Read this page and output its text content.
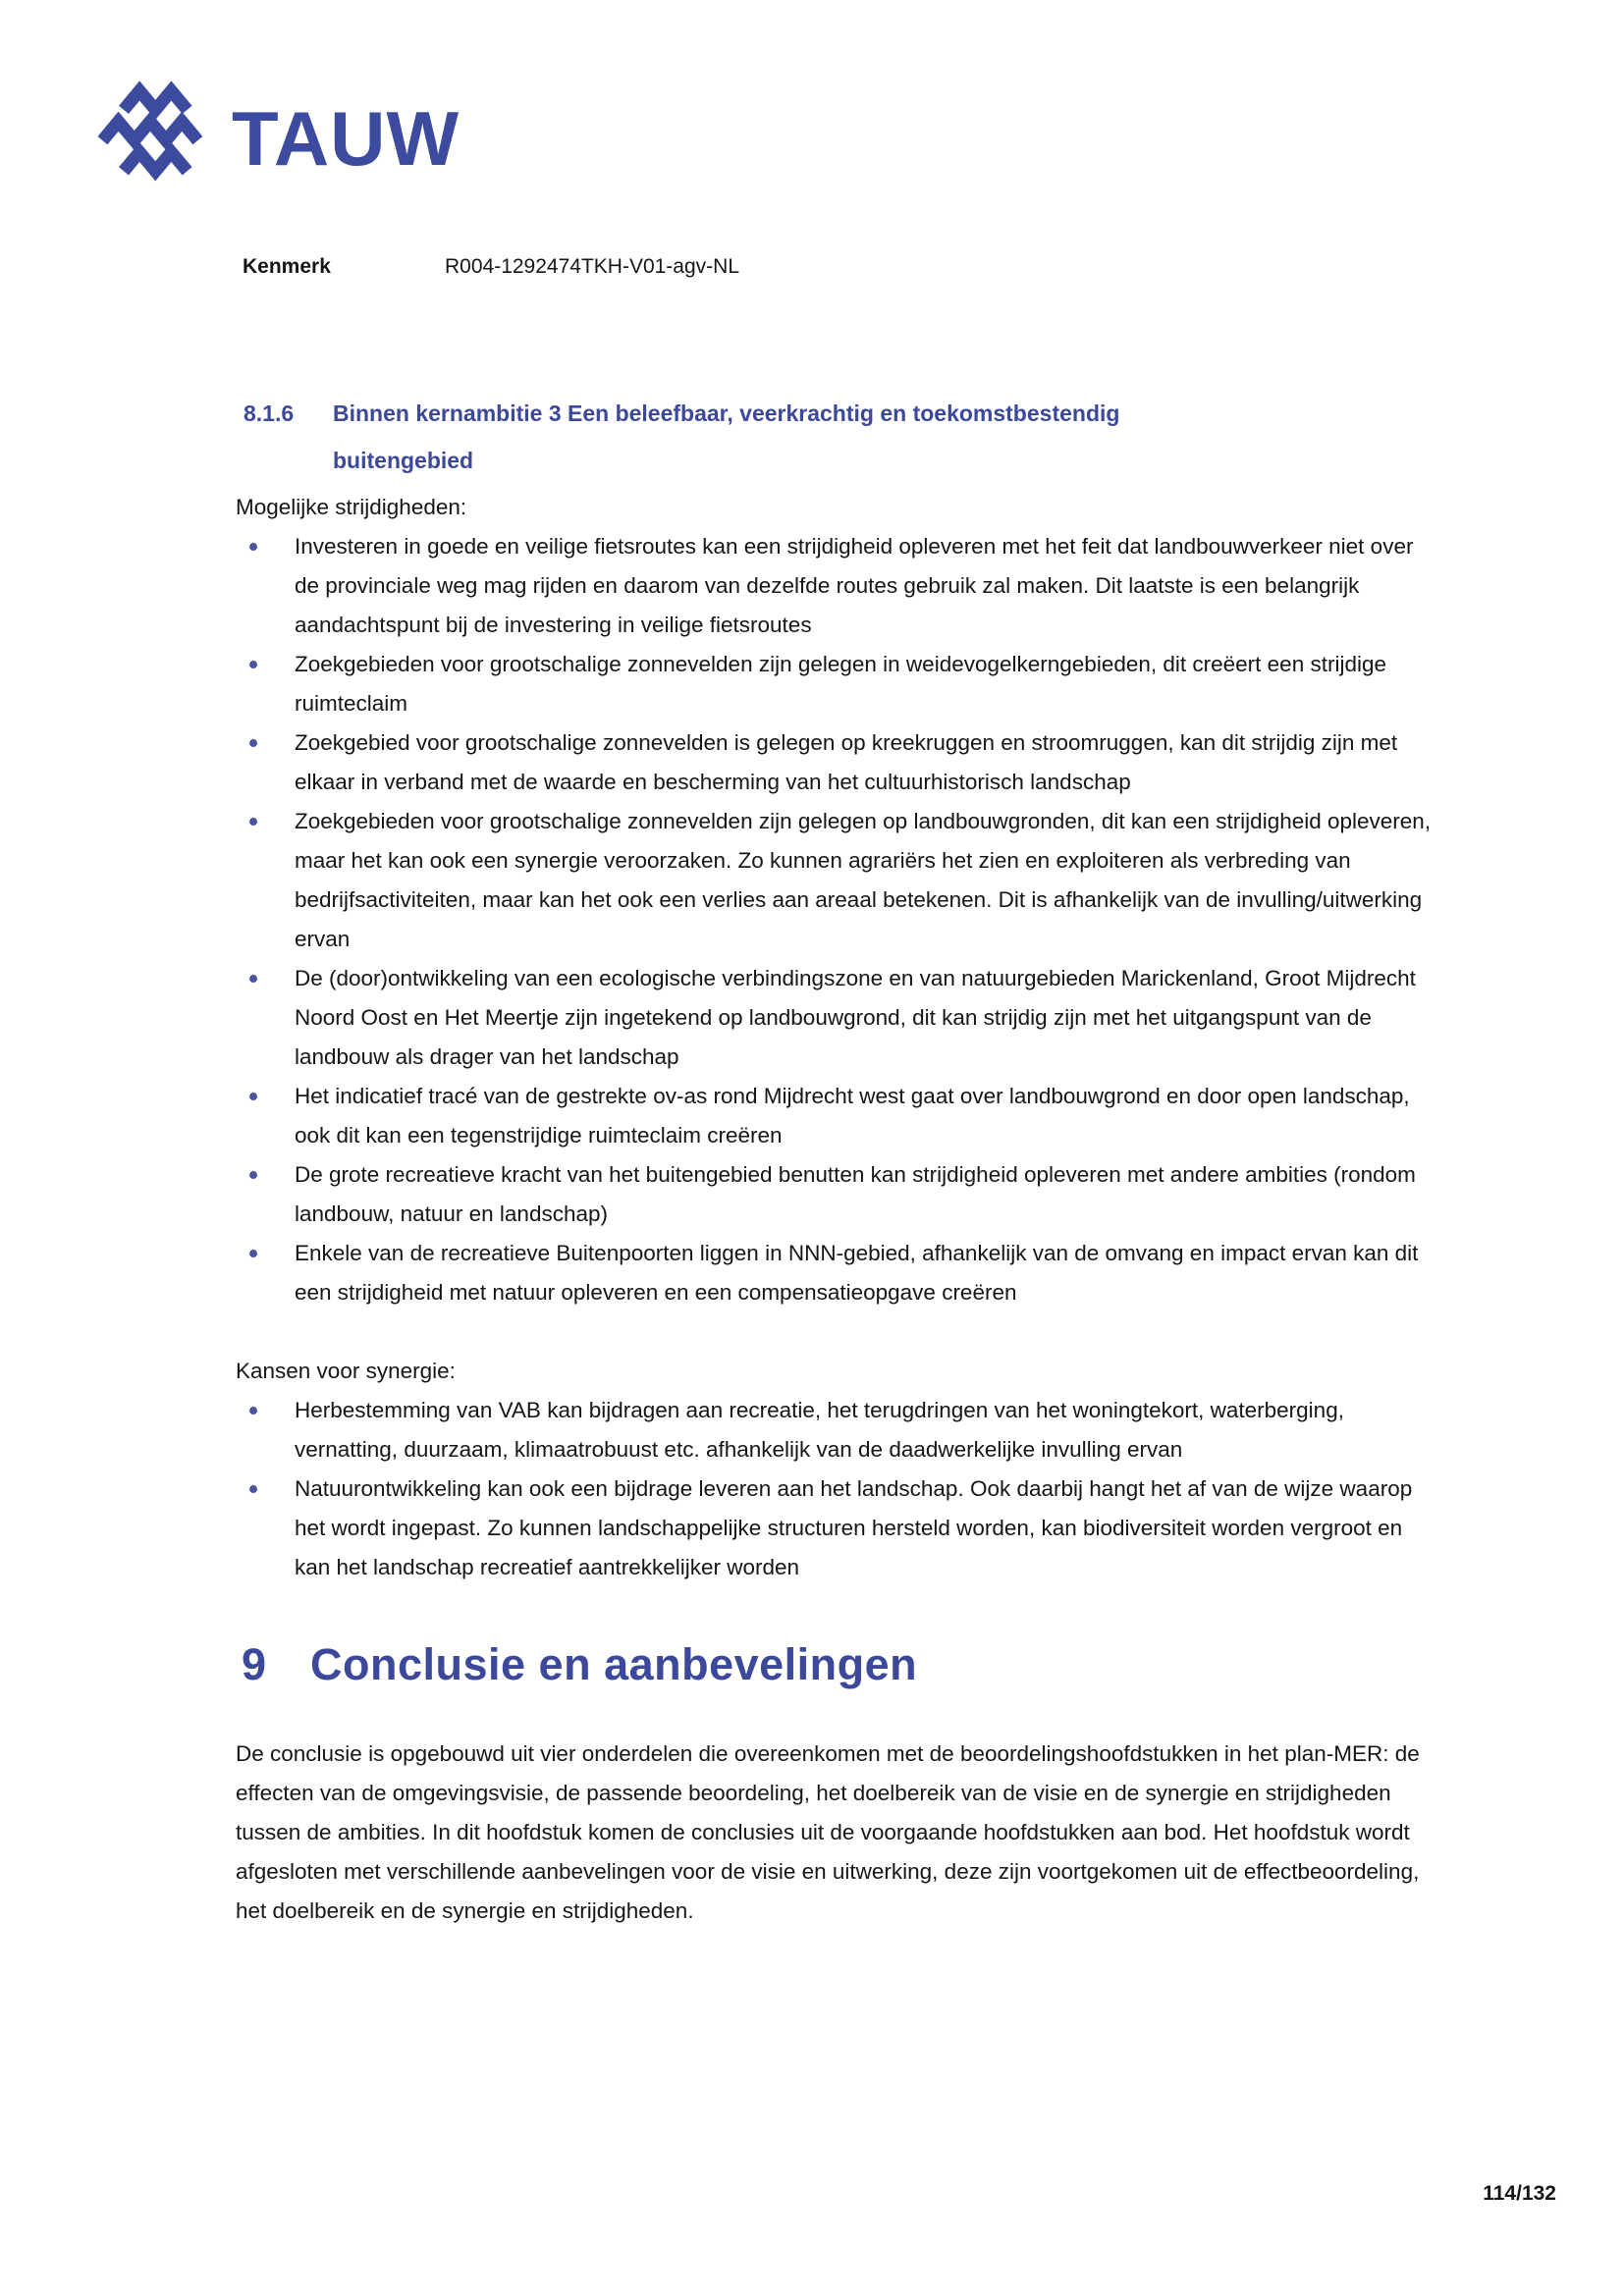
TAUW
Kenmerk	R004-1292474TKH-V01-agv-NL
8.1.6	Binnen kernambitie 3 Een beleefbaar, veerkrachtig en toekomstbestendig buitengebied
Mogelijke strijdigheden:
Investeren in goede en veilige fietsroutes kan een strijdigheid opleveren met het feit dat landbouwverkeer niet over de provinciale weg mag rijden en daarom van dezelfde routes gebruik zal maken. Dit laatste is een belangrijk aandachtspunt bij de investering in veilige fietsroutes
Zoekgebieden voor grootschalige zonnevelden zijn gelegen in weidevogelkerngebieden, dit creëert een strijdige ruimteclaim
Zoekgebied voor grootschalige zonnevelden is gelegen op kreekruggen en stroomruggen, kan dit strijdig zijn met elkaar in verband met de waarde en bescherming van het cultuurhistorisch landschap
Zoekgebieden voor grootschalige zonnevelden zijn gelegen op landbouwgronden, dit kan een strijdigheid opleveren, maar het kan ook een synergie veroorzaken. Zo kunnen agrariërs het zien en exploiteren als verbreding van bedrijfsactiviteiten, maar kan het ook een verlies aan areaal betekenen. Dit is afhankelijk van de invulling/uitwerking ervan
De (door)ontwikkeling van een ecologische verbindingszone en van natuurgebieden Marickenland, Groot Mijdrecht Noord Oost en Het Meertje zijn ingetekend op landbouwgrond, dit kan strijdig zijn met het uitgangspunt van de landbouw als drager van het landschap
Het indicatief tracé van de gestrekte ov-as rond Mijdrecht west gaat over landbouwgrond en door open landschap, ook dit kan een tegenstrijdige ruimteclaim creëren
De grote recreatieve kracht van het buitengebied benutten kan strijdigheid opleveren met andere ambities (rondom landbouw, natuur en landschap)
Enkele van de recreatieve Buitenpoorten liggen in NNN-gebied, afhankelijk van de omvang en impact ervan kan dit een strijdigheid met natuur opleveren en een compensatieopgave creëren
Kansen voor synergie:
Herbestemming van VAB kan bijdragen aan recreatie, het terugdringen van het woningtekort, waterberging, vernatting, duurzaam, klimaatrobuust etc. afhankelijk van de daadwerkelijke invulling ervan
Natuurontwikkeling kan ook een bijdrage leveren aan het landschap. Ook daarbij hangt het af van de wijze waarop het wordt ingepast. Zo kunnen landschappelijke structuren hersteld worden, kan biodiversiteit worden vergroot en kan het landschap recreatief aantrekkelijker worden
9 Conclusie en aanbevelingen
De conclusie is opgebouwd uit vier onderdelen die overeenkomen met de beoordelingshoofdstukken in het plan-MER: de effecten van de omgevingsvisie, de passende beoordeling, het doelbereik van de visie en de synergie en strijdigheden tussen de ambities. In dit hoofdstuk komen de conclusies uit de voorgaande hoofdstukken aan bod. Het hoofdstuk wordt afgesloten met verschillende aanbevelingen voor de visie en uitwerking, deze zijn voortgekomen uit de effectbeoordeling, het doelbereik en de synergie en strijdigheden.
114/132
